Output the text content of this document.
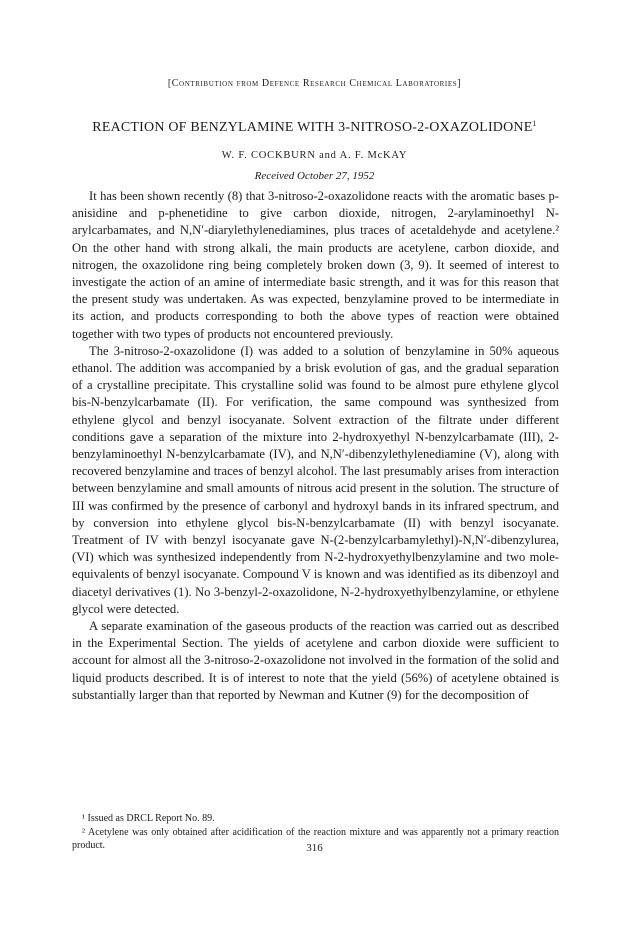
[Contribution from Defence Research Chemical Laboratories]
REACTION OF BENZYLAMINE WITH 3-NITROSO-2-OXAZOLIDONE$^1$
W. F. COCKBURN and A. F. McKAY
Received October 27, 1952

It has been shown recently (8) that 3-nitroso-2-oxazolidone reacts with the aromatic bases p-anisidine and p-phenetidine to give carbon dioxide, nitrogen, 2-arylaminoethyl N-arylcarbamates, and N,N′-diarylethylenediamines, plus traces of acetaldehyde and acetylene.² On the other hand with strong alkali, the main products are acetylene, carbon dioxide, and nitrogen, the oxazolidone ring being completely broken down (3, 9). It seemed of interest to investigate the action of an amine of intermediate basic strength, and it was for this reason that the present study was undertaken. As was expected, benzylamine proved to be intermediate in its action, and products corresponding to both the above types of reaction were obtained together with two types of products not encountered previously.

The 3-nitroso-2-oxazolidone (I) was added to a solution of benzylamine in 50% aqueous ethanol. The addition was accompanied by a brisk evolution of gas, and the gradual separation of a crystalline precipitate. This crystalline solid was found to be almost pure ethylene glycol bis-N-benzylcarbamate (II). For verification, the same compound was synthesized from ethylene glycol and benzyl isocyanate. Solvent extraction of the filtrate under different conditions gave a separation of the mixture into 2-hydroxyethyl N-benzylcarbamate (III), 2-benzylaminoethyl N-benzylcarbamate (IV), and N,N′-dibenzylethylenediamine (V), along with recovered benzylamine and traces of benzyl alcohol. The last presumably arises from interaction between benzylamine and small amounts of nitrous acid present in the solution. The structure of III was confirmed by the presence of carbonyl and hydroxyl bands in its infrared spectrum, and by conversion into ethylene glycol bis-N-benzylcarbamate (II) with benzyl isocyanate. Treatment of IV with benzyl isocyanate gave N-(2-benzylcarbamylethyl)-N,N′-dibenzylurea, (VI) which was synthesized independently from N-2-hydroxyethylbenzylamine and two mole-equivalents of benzyl isocyanate. Compound V is known and was identified as its dibenzoyl and diacetyl derivatives (1). No 3-benzyl-2-oxazolidone, N-2-hydroxyethylbenzylamine, or ethylene glycol were detected.

A separate examination of the gaseous products of the reaction was carried out as described in the Experimental Section. The yields of acetylene and carbon dioxide were sufficient to account for almost all the 3-nitroso-2-oxazolidone not involved in the formation of the solid and liquid products described. It is of interest to note that the yield (56%) of acetylene obtained is substantially larger than that reported by Newman and Kutner (9) for the decomposition of

¹ Issued as DRCL Report No. 89.

² Acetylene was only obtained after acidification of the reaction mixture and was apparently not a primary reaction product.	316
